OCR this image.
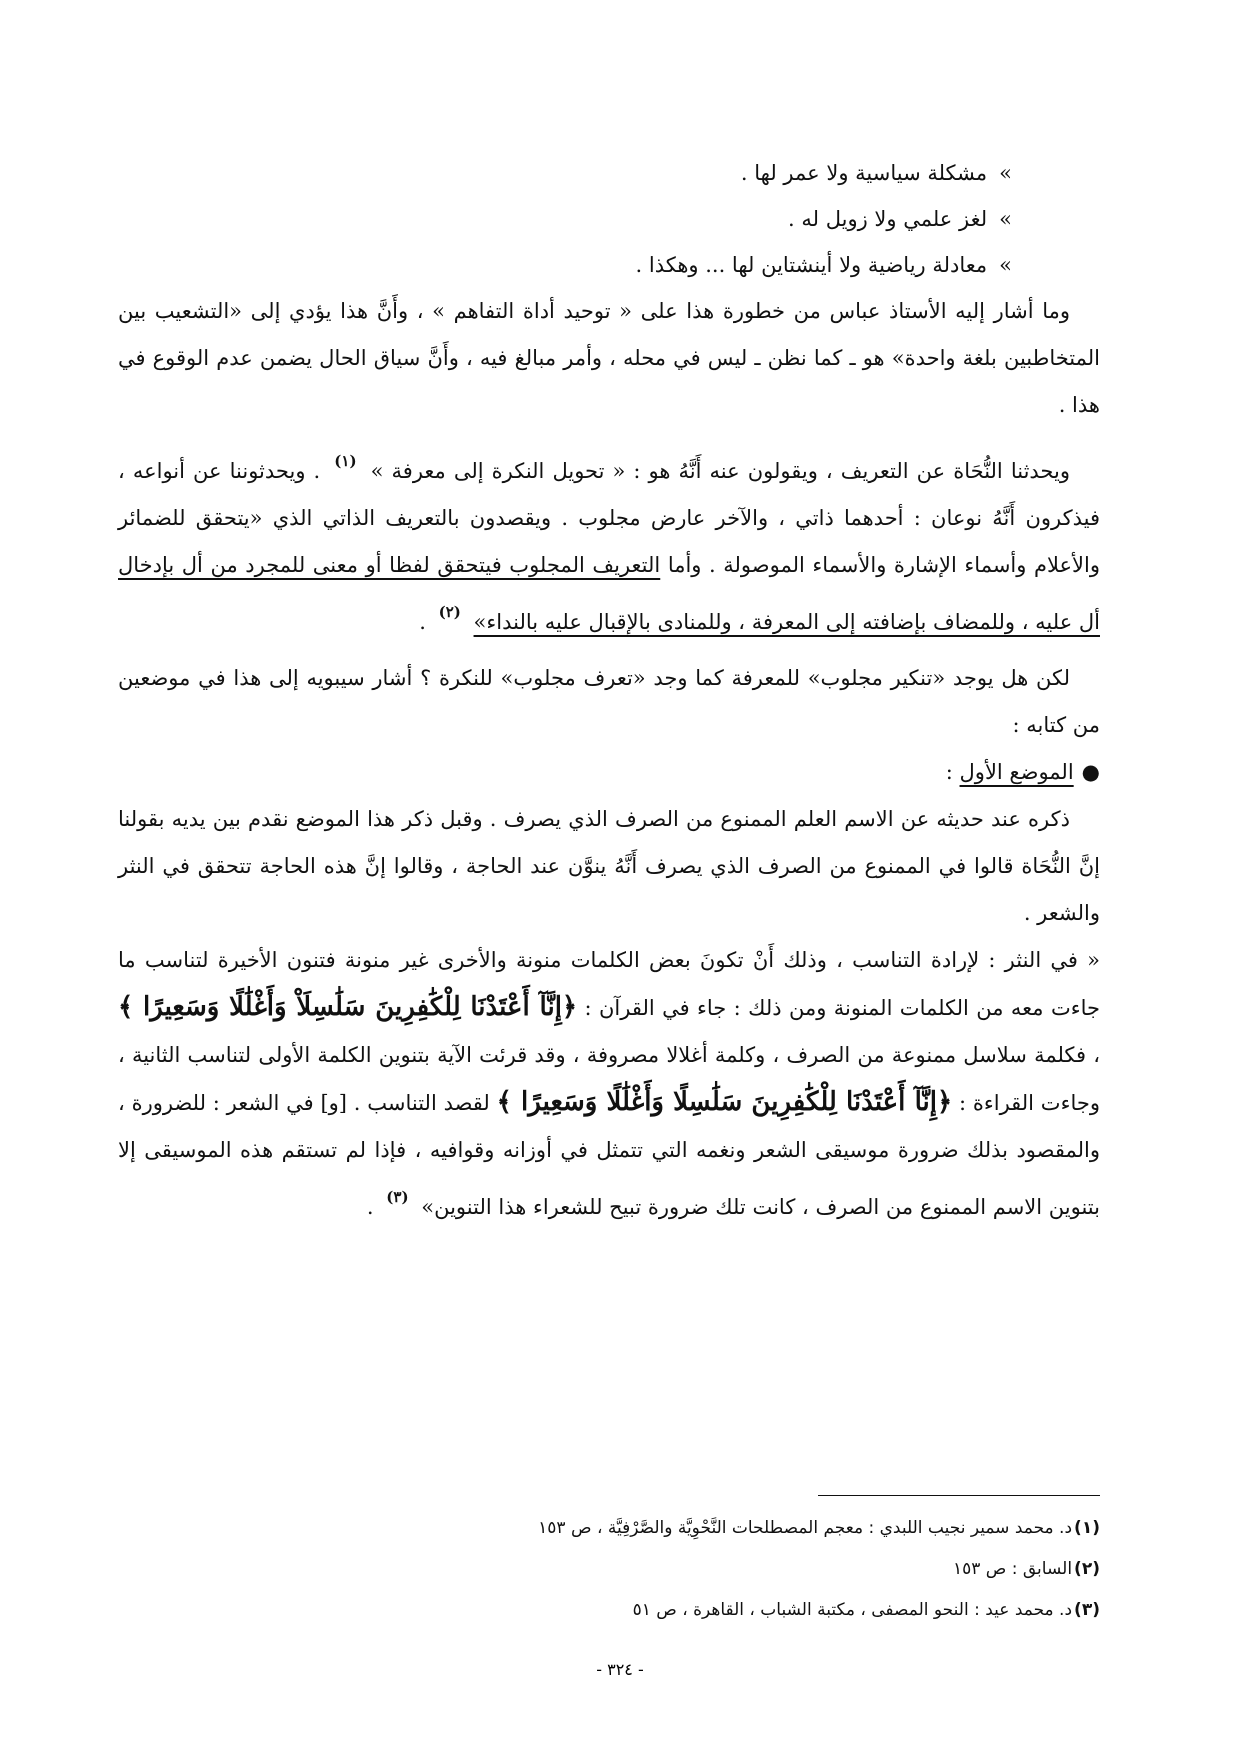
»مشكلة سياسية ولا عمر لها .
»لغز علمي ولا زويل له .
»معادلة رياضية ولا أينشتاين لها ... وهكذا .

وما أشار إليه الأستاذ عباس من خطورة هذا على « توحيد أداة التفاهم » ، وأَنَّ هذا يؤدي إلى «التشعيب بين المتخاطبين بلغة واحدة» هو ـ كما نظن ـ ليس في محله ، وأمر مبالغ فيه ، وأَنَّ سياق الحال يضمن عدم الوقوع في هذا .

ويحدثنا النُّحَاة عن التعريف ، ويقولون عنه أَنَّهُ هو : « تحويل النكرة إلى معرفة » $^{(١)}$ . ويحدثوننا عن أنواعه ، فيذكرون أَنَّهُ نوعان : أحدهما ذاتي ، والآخر عارض مجلوب . ويقصدون بالتعريف الذاتي الذي «يتحقق للضمائر والأعلام وأسماء الإشارة والأسماء الموصولة . وأما التعريف المجلوب فيتحقق لفظا أو معنى للمجرد من أل بإدخال أل عليه ، وللمضاف بإضافته إلى المعرفة ، وللمنادى بالإقبال عليه بالنداء» $^{(٢)}$ .

لكن هل يوجد «تنكير مجلوب» للمعرفة كما وجد «تعرف مجلوب» للنكرة ؟ أشار سيبويه إلى هذا في موضعين من كتابه :

●الموضع الأول :

ذكره عند حديثه عن الاسم العلم الممنوع من الصرف الذي يصرف . وقبل ذكر هذا الموضع نقدم بين يديه بقولنا إنَّ النُّحَاة قالوا في الممنوع من الصرف الذي يصرف أَنَّهُ ينوَّن عند الحاجة ، وقالوا إنَّ هذه الحاجة تتحقق في النثر والشعر .

« في النثر : لإرادة التناسب ، وذلك أَنْ تكونَ بعض الكلمات منونة والأخرى غير منونة فتنون الأخيرة لتناسب ما جاءت معه من الكلمات المنونة ومن ذلك : جاء في القرآن : ﴿إِنَّآ أَعْتَدْنَا لِلْكَٰفِرِينَ سَلَٰسِلَاْ وَأَغْلَٰلًا وَسَعِيرًا ﴾ ، فكلمة سلاسل ممنوعة من الصرف ، وكلمة أغلالا مصروفة ، وقد قرئت الآية بتنوين الكلمة الأولى لتناسب الثانية ، وجاءت القراءة : ﴿إِنَّآ أَعْتَدْنَا لِلْكَٰفِرِينَ سَلَٰسِلًا وَأَغْلَٰلًا وَسَعِيرًا ﴾ لقصد التناسب . [و] في الشعر : للضرورة ، والمقصود بذلك ضرورة موسيقى الشعر ونغمه التي تتمثل في أوزانه وقوافيه ، فإذا لم تستقم هذه الموسيقى إلا بتنوين الاسم الممنوع من الصرف ، كانت تلك ضرورة تبيح للشعراء هذا التنوين» $^{(٣)}$ .

(١)د. محمد سمير نجيب اللبدي : معجم المصطلحات النَّحْوِيَّة والصَّرْفِيَّة ، ص ١٥٣
(٢)السابق : ص ١٥٣
(٣)د. محمد عيد : النحو المصفى ، مكتبة الشباب ، القاهرة ، ص ٥١
- ٣٢٤ -
